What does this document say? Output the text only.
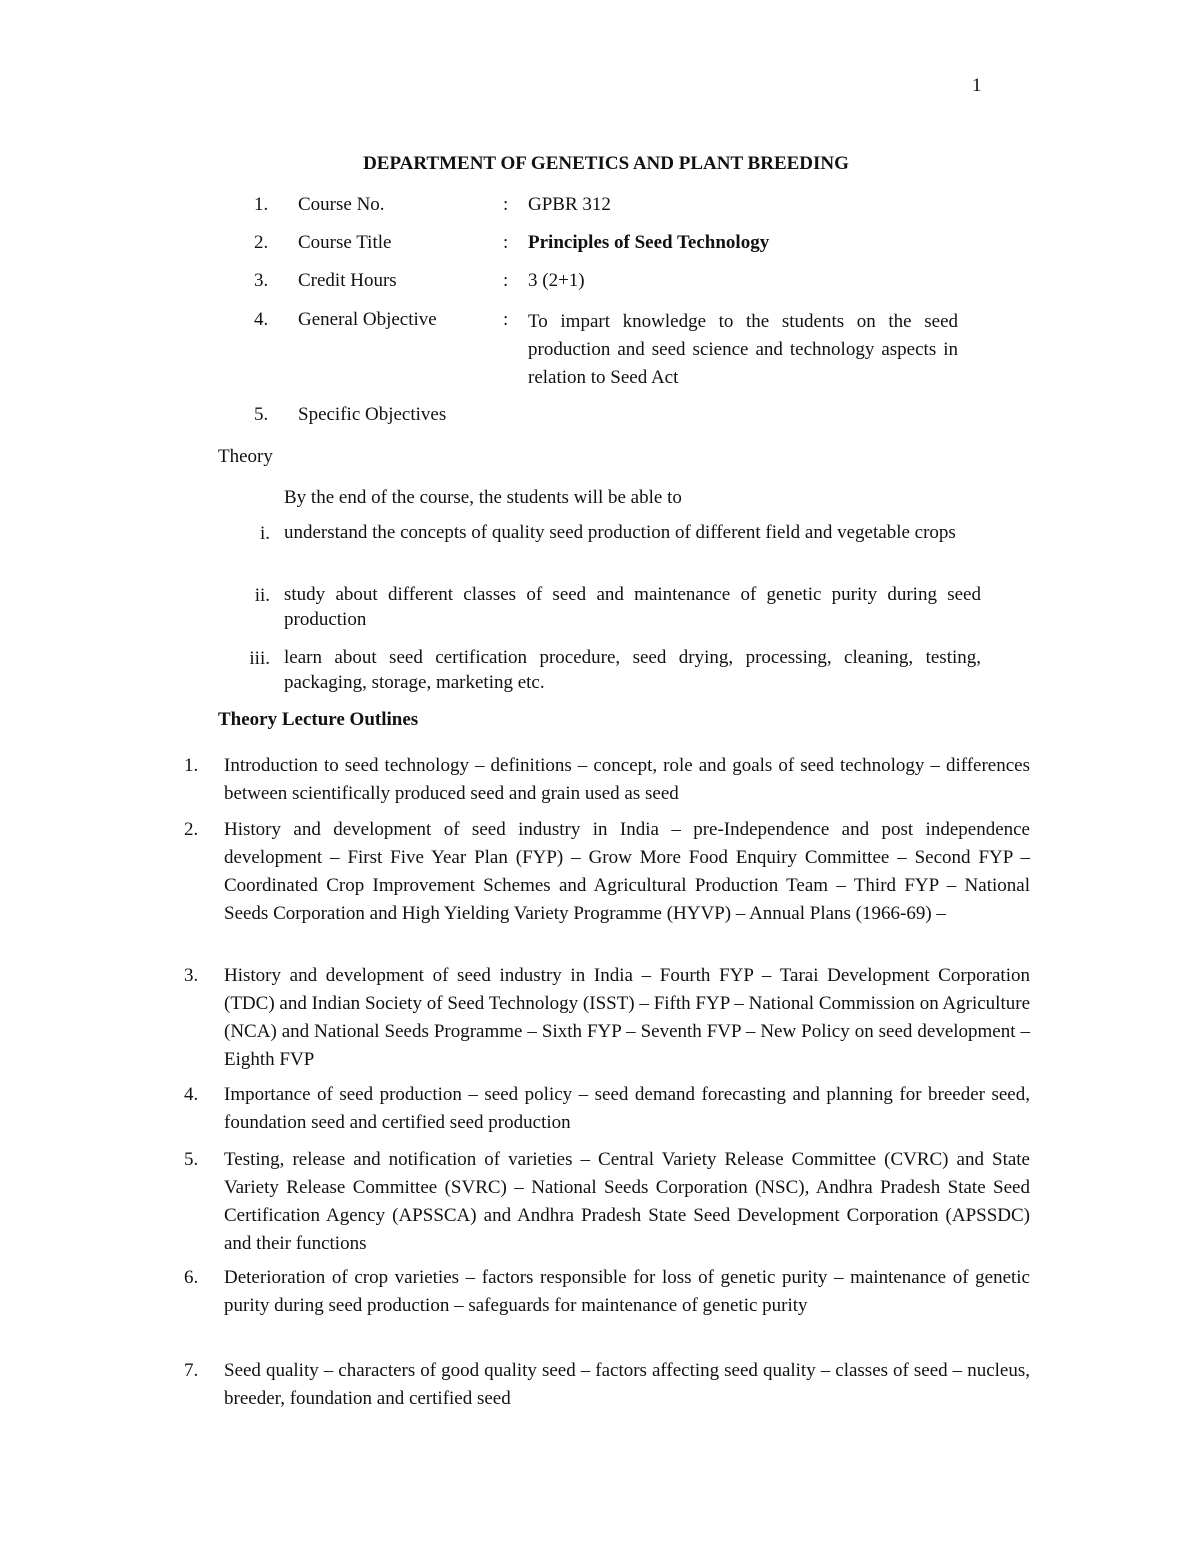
1
DEPARTMENT OF GENETICS AND PLANT BREEDING
1. Course No.	: GPBR 312
2. Course Title	: Principles of Seed Technology
3. Credit Hours	: 3 (2+1)
4. General Objective	: To impart knowledge to the students on the seed production and seed science and technology aspects in relation to Seed Act
5. Specific Objectives
Theory
By the end of the course, the students will be able to
i. understand the concepts of quality seed production of different field and vegetable crops
ii. study about different classes of seed and maintenance of genetic purity during seed production
iii. learn about seed certification procedure, seed drying, processing, cleaning, testing, packaging, storage, marketing etc.
Theory Lecture Outlines
1. Introduction to seed technology – definitions – concept, role and goals of seed technology – differences between scientifically produced seed and grain used as seed
2. History and development of seed industry in India – pre-Independence and post independence development – First Five Year Plan (FYP) – Grow More Food Enquiry Committee – Second FYP – Coordinated Crop Improvement Schemes and Agricultural Production Team – Third FYP – National Seeds Corporation and High Yielding Variety Programme (HYVP) – Annual Plans (1966-69) –
3. History and development of seed industry in India – Fourth FYP – Tarai Development Corporation (TDC) and Indian Society of Seed Technology (ISST) – Fifth FYP – National Commission on Agriculture (NCA) and National Seeds Programme – Sixth FYP – Seventh FVP – New Policy on seed development – Eighth FVP
4. Importance of seed production – seed policy – seed demand forecasting and planning for breeder seed, foundation seed and certified seed production
5. Testing, release and notification of varieties – Central Variety Release Committee (CVRC) and State Variety Release Committee (SVRC) – National Seeds Corporation (NSC), Andhra Pradesh State Seed Certification Agency (APSSCA) and Andhra Pradesh State Seed Development Corporation (APSSDC) and their functions
6. Deterioration of crop varieties – factors responsible for loss of genetic purity – maintenance of genetic purity during seed production – safeguards for maintenance of genetic purity
7. Seed quality – characters of good quality seed – factors affecting seed quality – classes of seed – nucleus, breeder, foundation and certified seed
